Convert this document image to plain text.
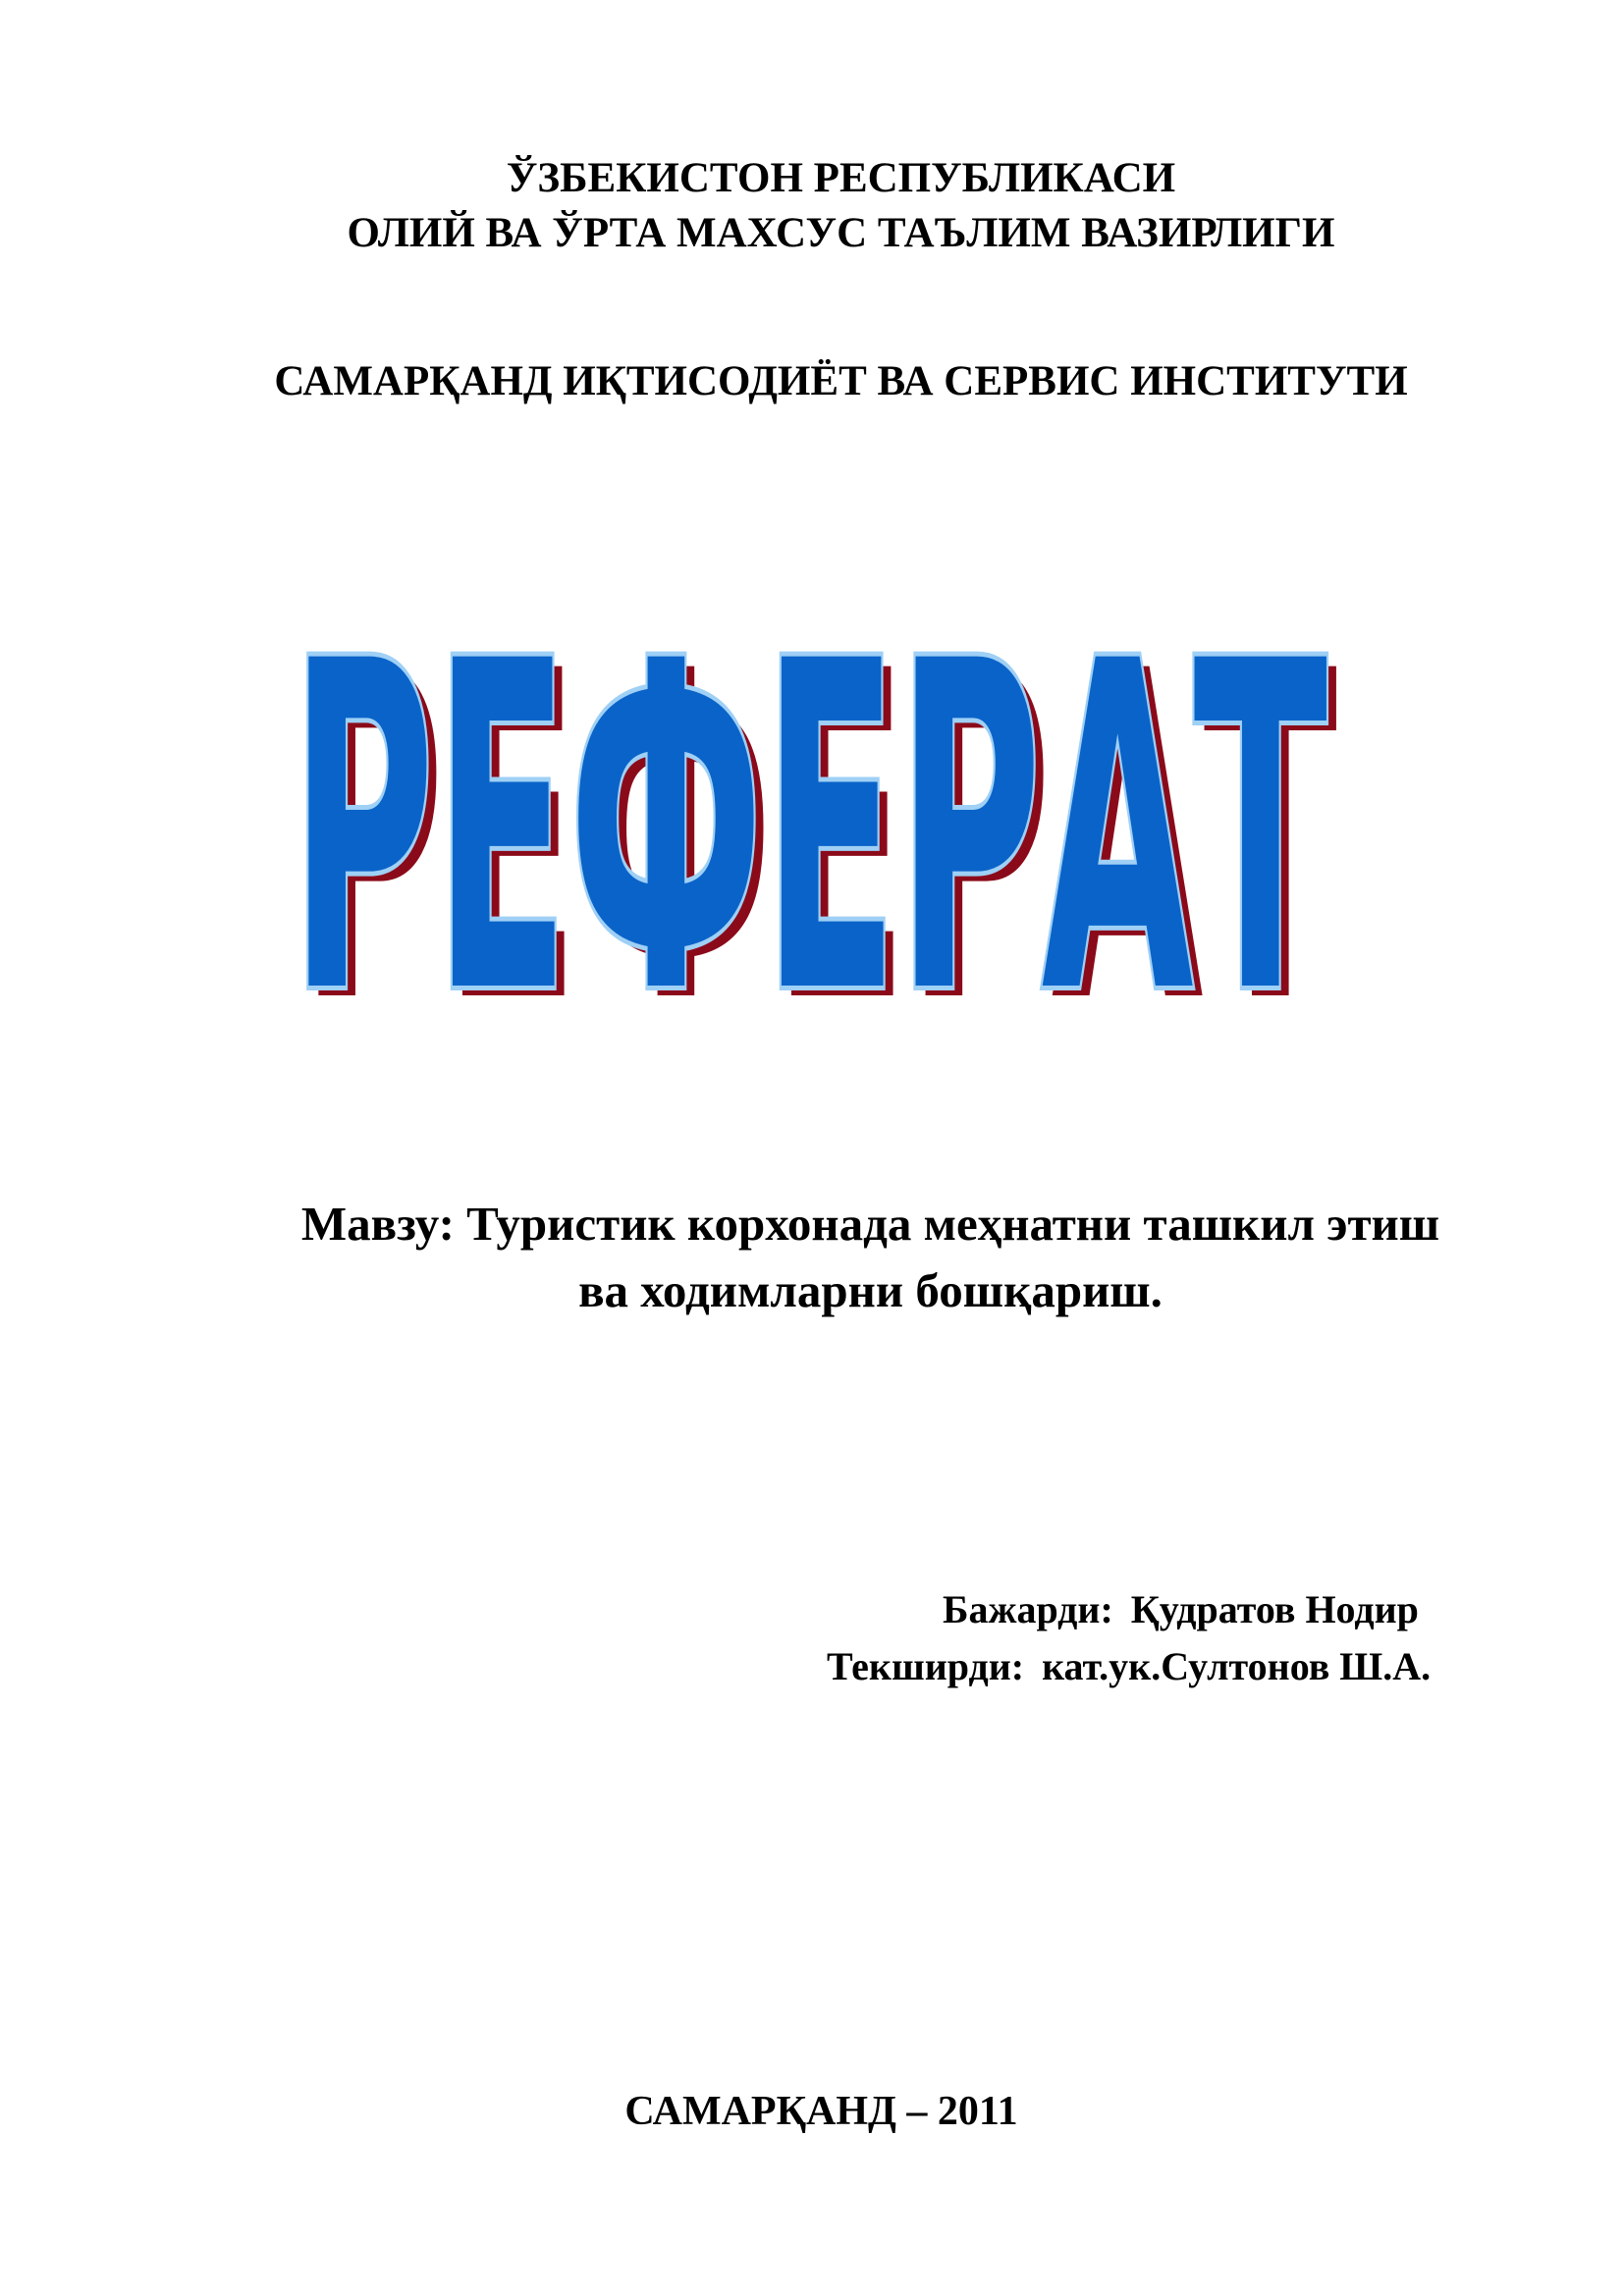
ЎЗБЕКИСТОН РЕСПУБЛИКАСИ
ОЛИЙ ВА ЎРТА МАХСУС ТАЪЛИМ ВАЗИРЛИГИ
САМАРҚАНД ИҚТИСОДИЁТ ВА СЕРВИС ИНСТИТУТИ
РЕФЕРАТ
РЕФЕРАТ
РЕФЕРАТ
Мавзу: Туристик корхонада меҳнатни ташкил этиш
ва ходимларни бошқариш.
Бажарди: Қудратов Нодир
Текширди: кат.ук.Султонов Ш.А.
САМАРҚАНД – 2011
